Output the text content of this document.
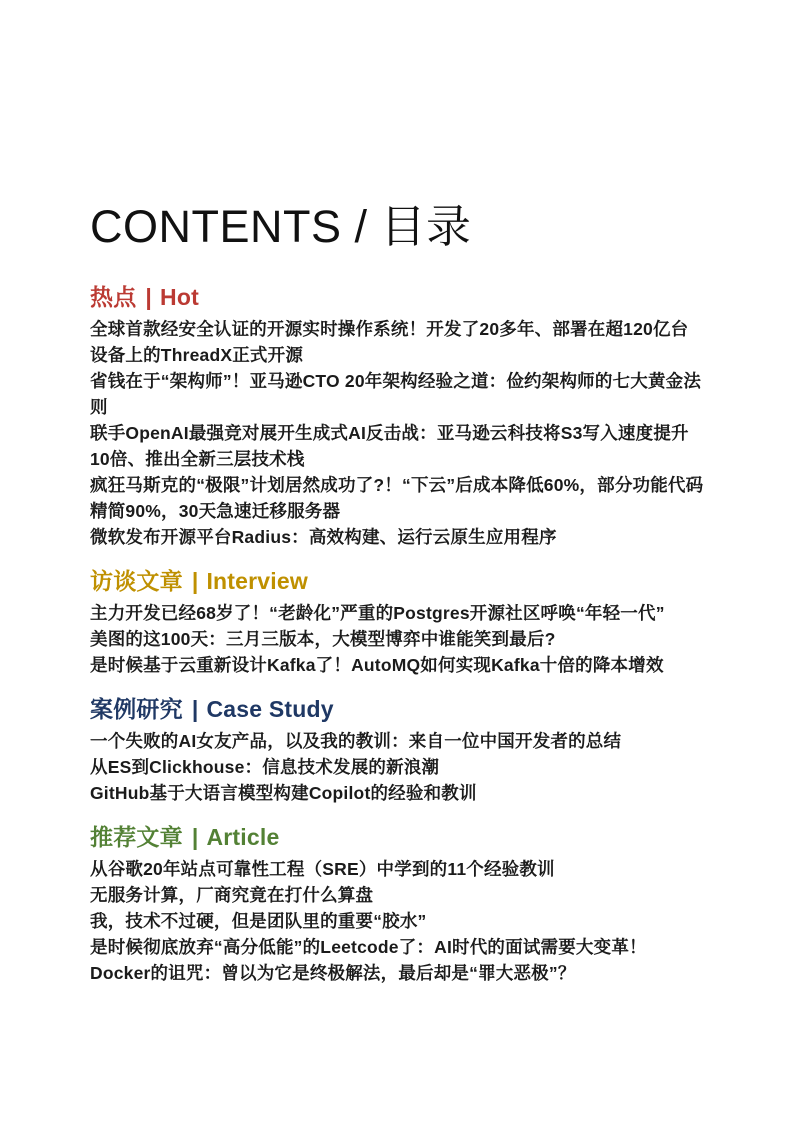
CONTENTS / 目录
热点 | Hot

全球首款经安全认证的开源实时操作系统！开发了20多年、部署在超120亿台设备上的ThreadX正式开源

省钱在于“架构师”！亚马逊CTO 20年架构经验之道：俭约架构师的七大黄金法则

联手OpenAI最强竞对展开生成式AI反击战：亚马逊云科技将S3写入速度提升10倍、推出全新三层技术栈

疯狂马斯克的“极限”计划居然成功了?！“下云”后成本降低60%，部分功能代码精简90%，30天急速迁移服务器

微软发布开源平台Radius：高效构建、运行云原生应用程序

访谈文章 | Interview

主力开发已经68岁了！“老龄化”严重的Postgres开源社区呼唤“年轻一代”

美图的这100天：三月三版本，大模型博弈中谁能笑到最后?

是时候基于云重新设计Kafka了！AutoMQ如何实现Kafka十倍的降本增效

案例研究 | Case Study

一个失败的AI女友产品，以及我的教训：来自一位中国开发者的总结

从ES到Clickhouse：信息技术发展的新浪潮

GitHub基于大语言模型构建Copilot的经验和教训

推荐文章 | Article

从谷歌20年站点可靠性工程（SRE）中学到的11个经验教训

无服务计算，厂商究竟在打什么算盘

我，技术不过硬，但是团队里的重要“胶水”

是时候彻底放弃“高分低能”的Leetcode了：AI时代的面试需要大变革！

Docker的诅咒：曾以为它是终极解法，最后却是“罪大恶极”？
